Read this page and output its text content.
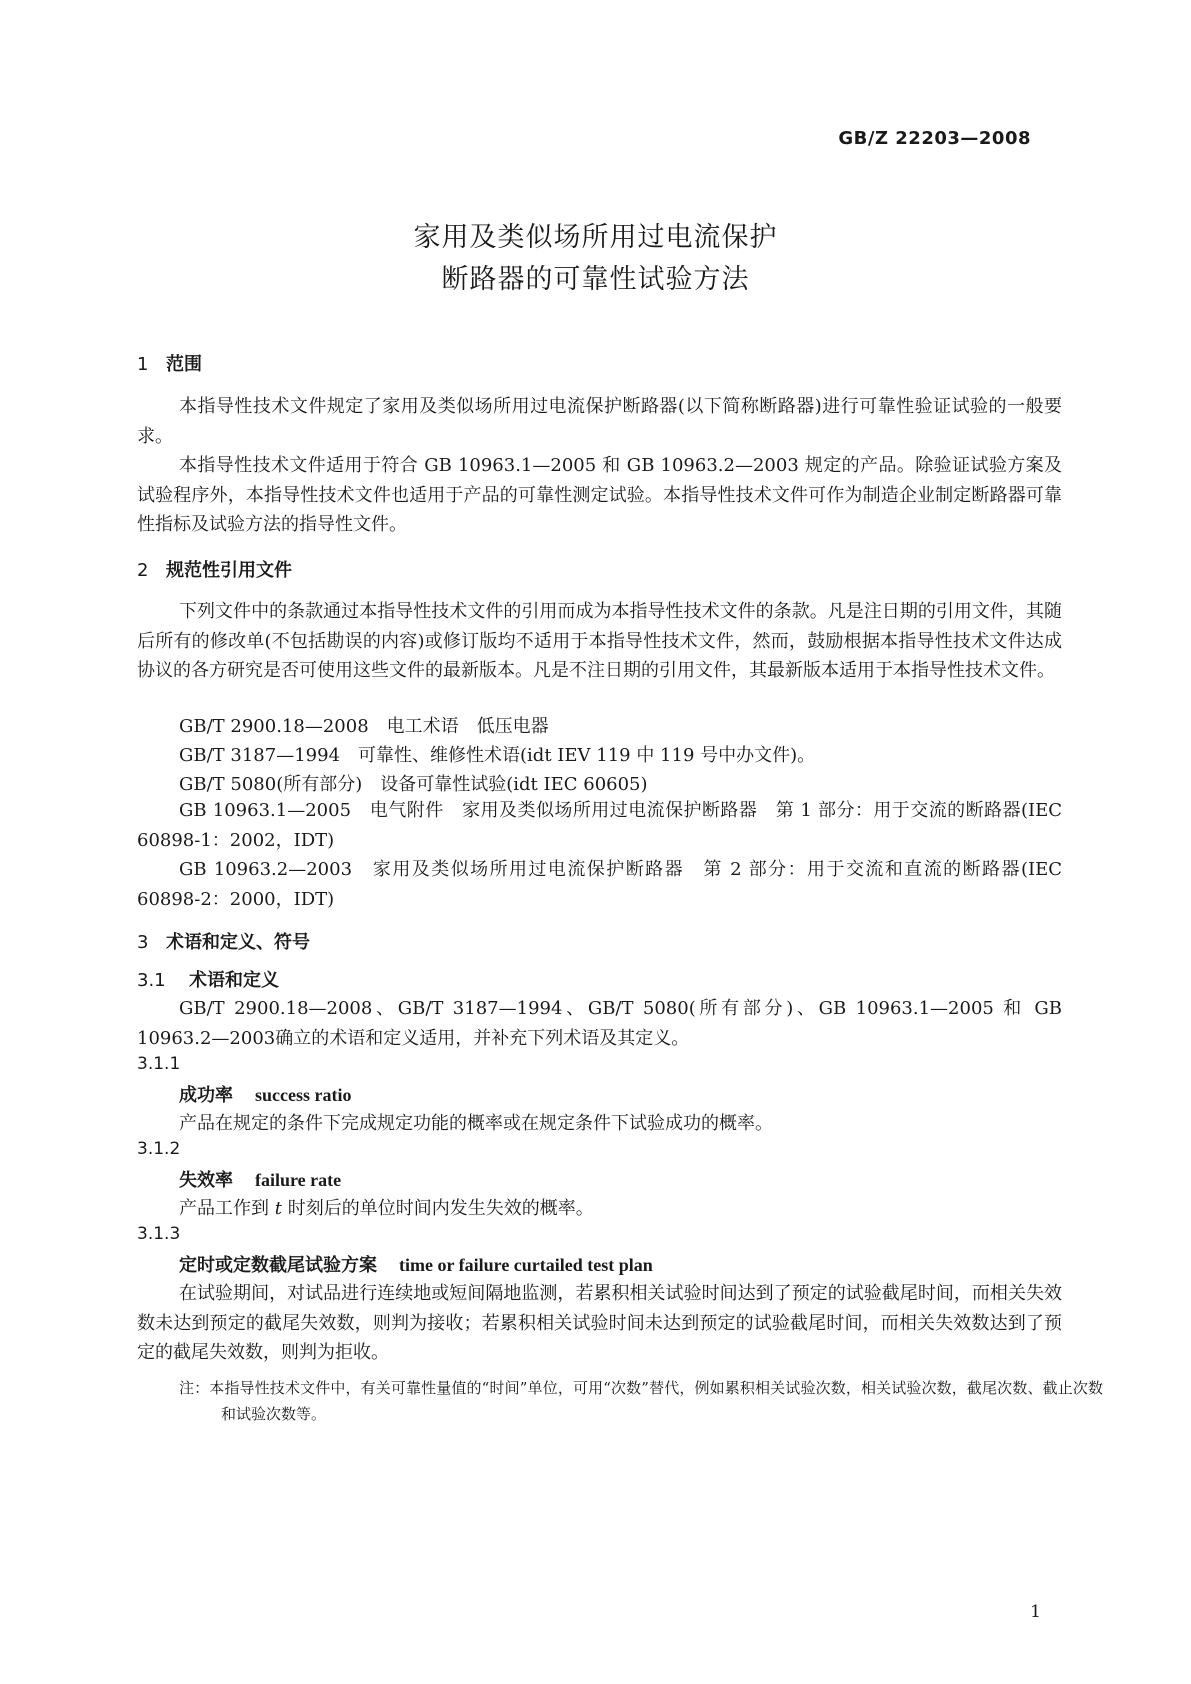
GB/Z 22203—2008
家用及类似场所用过电流保护
断路器的可靠性试验方法
1 范围

本指导性技术文件规定了家用及类似场所用过电流保护断路器(以下简称断路器)进行可靠性验证试验的一般要求。

本指导性技术文件适用于符合 GB 10963.1—2005 和 GB 10963.2—2003 规定的产品。除验证试验方案及试验程序外，本指导性技术文件也适用于产品的可靠性测定试验。本指导性技术文件可作为制造企业制定断路器可靠性指标及试验方法的指导性文件。

2 规范性引用文件

下列文件中的条款通过本指导性技术文件的引用而成为本指导性技术文件的条款。凡是注日期的引用文件，其随后所有的修改单(不包括勘误的内容)或修订版均不适用于本指导性技术文件，然而，鼓励根据本指导性技术文件达成协议的各方研究是否可使用这些文件的最新版本。凡是不注日期的引用文件，其最新版本适用于本指导性技术文件。

GB/T 2900.18—2008　电工术语　低压电器
GB/T 3187—1994　可靠性、维修性术语(idt IEV 119 中 119 号中办文件)。
GB/T 5080(所有部分)　设备可靠性试验(idt IEC 60605)

GB 10963.1—2005　电气附件　家用及类似场所用过电流保护断路器　第 1 部分：用于交流的断路器(IEC 60898-1：2002，IDT)

GB 10963.2—2003　家用及类似场所用过电流保护断路器　第 2 部分：用于交流和直流的断路器(IEC 60898-2：2000，IDT)

3 术语和定义、符号
3.1 术语和定义

GB/T 2900.18—2008、GB/T 3187—1994、GB/T 5080(所有部分)、GB 10963.1—2005 和 GB 10963.2—2003确立的术语和定义适用，并补充下列术语及其定义。

3.1.1
成功率 success ratio
产品在规定的条件下完成规定功能的概率或在规定条件下试验成功的概率。
3.1.2
失效率 failure rate
产品工作到 t 时刻后的单位时间内发生失效的概率。
3.1.3
定时或定数截尾试验方案 time or failure curtailed test plan

在试验期间，对试品进行连续地或短间隔地监测，若累积相关试验时间达到了预定的试验截尾时间，而相关失效数未达到预定的截尾失效数，则判为接收；若累积相关试验时间未达到预定的试验截尾时间，而相关失效数达到了预定的截尾失效数，则判为拒收。

注：本指导性技术文件中，有关可靠性量值的“时间”单位，可用“次数”替代，例如累积相关试验次数，相关试验次数，截尾次数、截止次数和试验次数等。

1
